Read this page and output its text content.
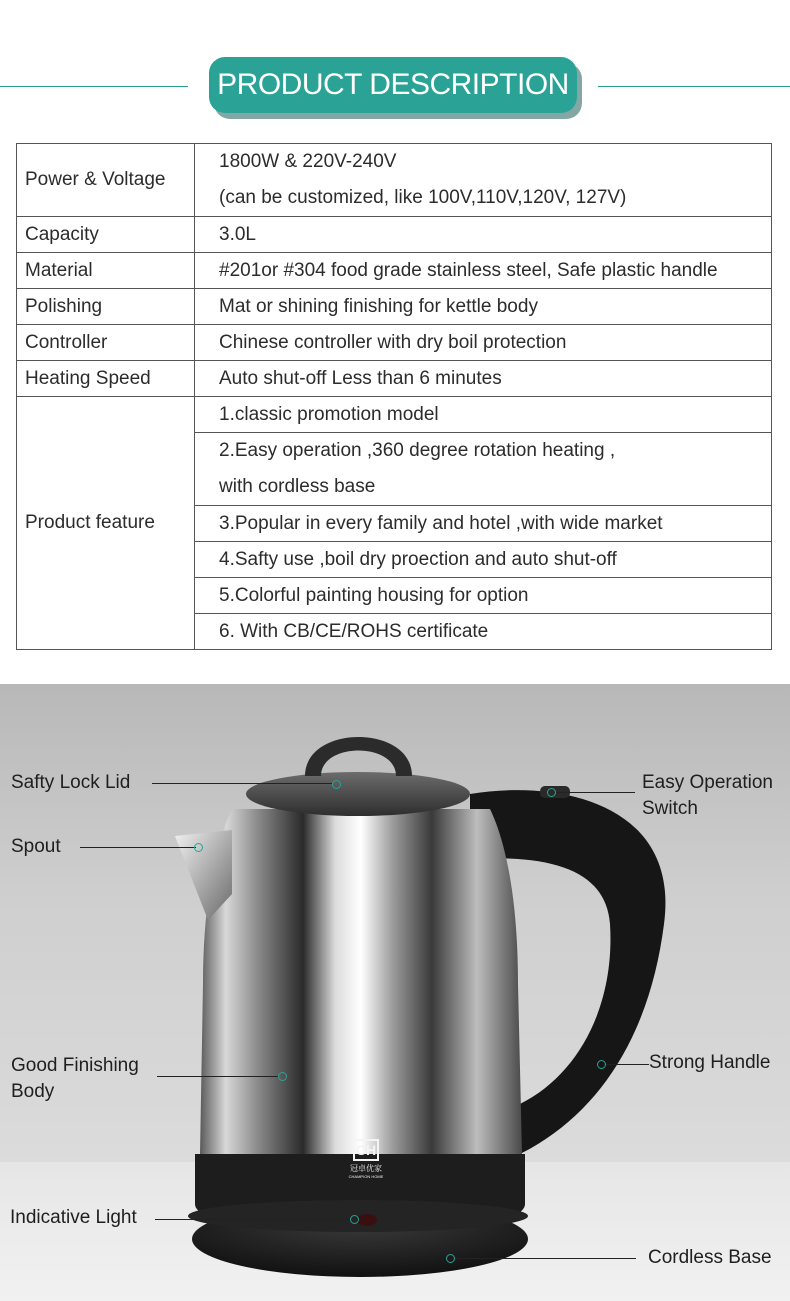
PRODUCT DESCRIPTION
Power & Voltage	1800W & 220V-240V
(can be customized, like 100V,110V,120V, 127V)

Capacity	3.0L
Material	#201or #304 food grade stainless steel, Safe plastic handle
Polishing	Mat or shining finishing for kettle body
Controller	Chinese controller with dry boil protection
Heating Speed	Auto shut-off Less than 6 minutes
Product feature	1.classic promotion model

	2.Easy operation ,360 degree rotation heating ,
with cordless base

	3.Popular in every family and hotel ,with wide market
	4.Safty use ,boil dry proection and auto shut-off
	5.Colorful painting housing for option
	6. With CB/CE/ROHS certificate
CH
冠卓优家
CHAMPION HOME
Safty Lock Lid
Spout
Good Finishing
Body
Indicative Light
Easy Operation
Switch
Strong Handle
Cordless Base
